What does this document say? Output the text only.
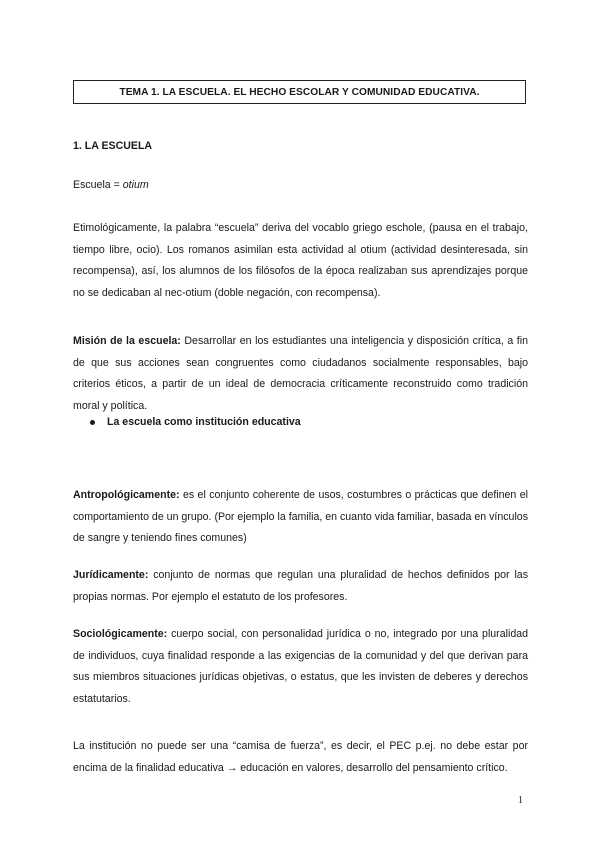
TEMA 1. LA ESCUELA. EL HECHO ESCOLAR Y COMUNIDAD EDUCATIVA.
1. LA ESCUELA
Escuela = otium
Etimológicamente, la palabra “escuela” deriva del vocablo griego eschole, (pausa en el trabajo, tiempo libre, ocio). Los romanos asimilan esta actividad al otium (actividad desinteresada, sin recompensa), así, los alumnos de los filósofos de la época realizaban sus aprendizajes porque no se dedicaban al nec-otium (doble negación, con recompensa).
Misión de la escuela: Desarrollar en los estudiantes una inteligencia y disposición crítica, a fin de que sus acciones sean congruentes como ciudadanos socialmente responsables, bajo criterios éticos, a partir de un ideal de democracia críticamente reconstruido como tradición moral y política.
La escuela como institución educativa
Antropológicamente: es el conjunto coherente de usos, costumbres o prácticas que definen el comportamiento de un grupo. (Por ejemplo la familia, en cuanto vida familiar, basada en vínculos de sangre y teniendo fines comunes)
Jurídicamente: conjunto de normas que regulan una pluralidad de hechos definidos por las propias normas. Por ejemplo el estatuto de los profesores.
Sociológicamente: cuerpo social, con personalidad jurídica o no, integrado por una pluralidad de individuos, cuya finalidad responde a las exigencias de la comunidad y del que derivan para sus miembros situaciones jurídicas objetivas, o estatus, que les invisten de deberes y derechos estatutarios.
La institución no puede ser una “camisa de fuerza”, es decir, el PEC p.ej. no debe estar por encima de la finalidad educativa → educación en valores, desarrollo del pensamiento crítico.
1
